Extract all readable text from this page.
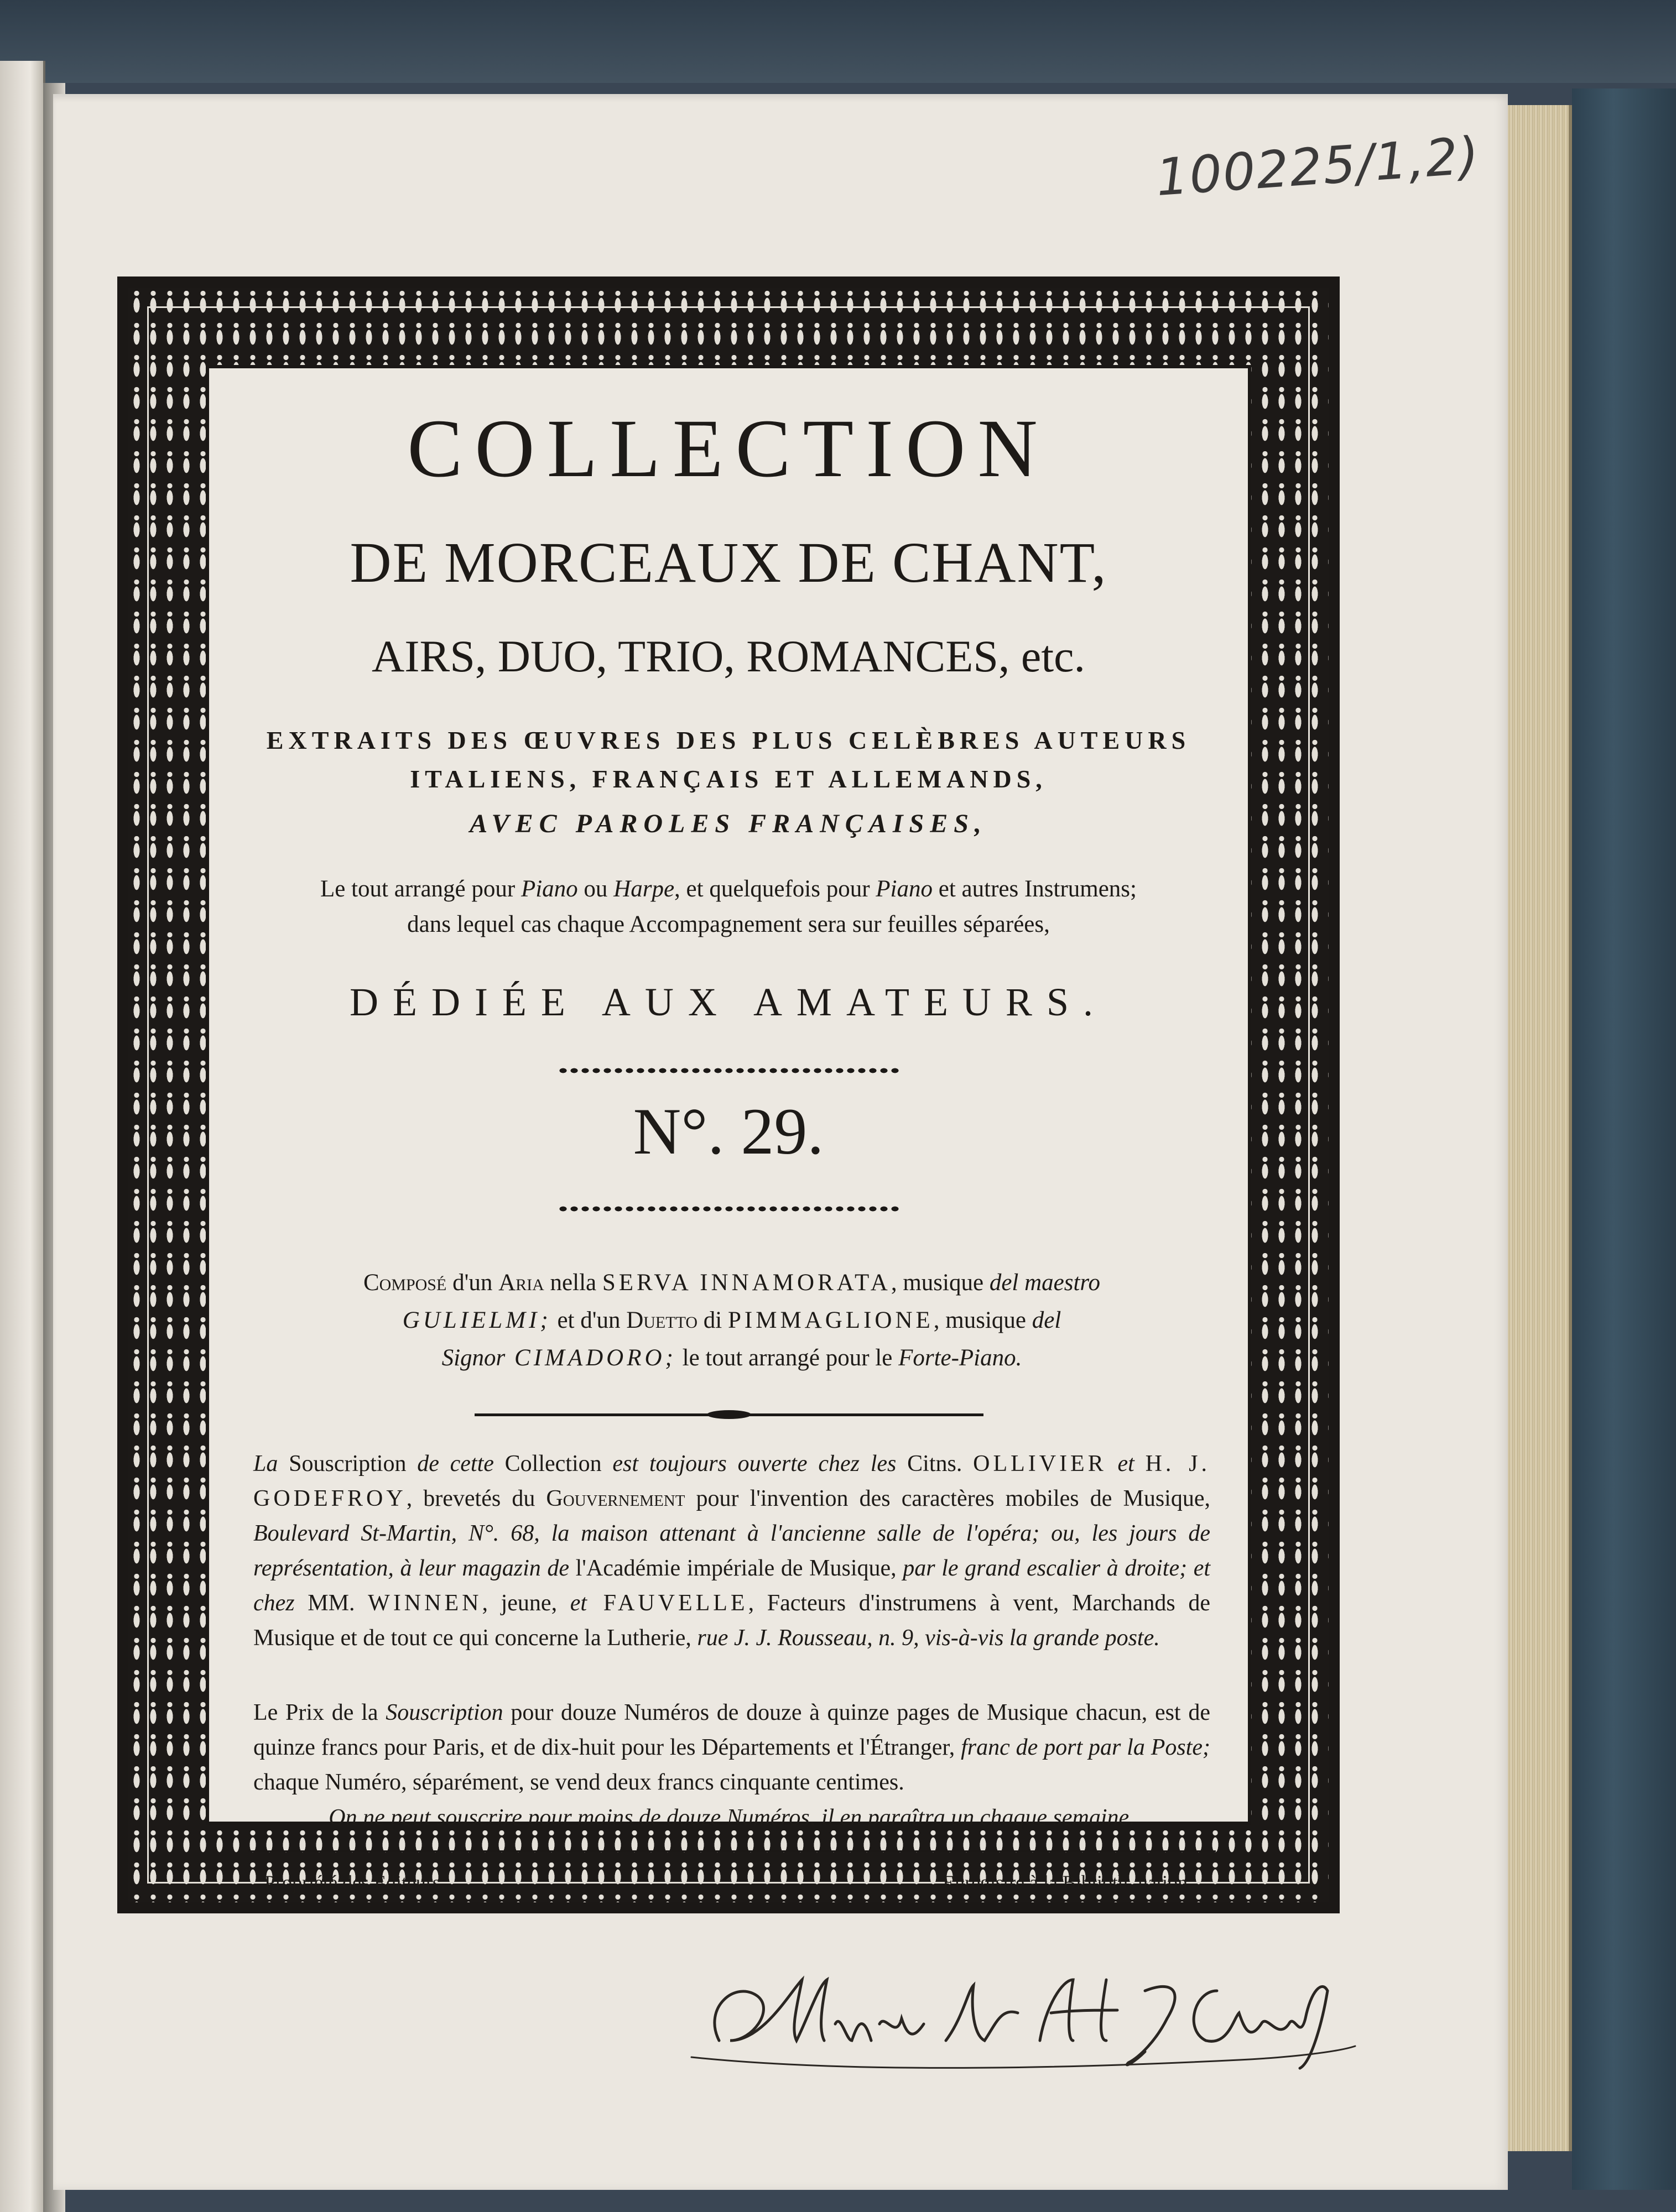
100225/1,2)
COLLECTION
DE MORCEAUX DE CHANT,
AIRS, DUO, TRIO, ROMANCES, etc.
EXTRAITS DES ŒUVRES DES PLUS CELÈBRES AUTEURS
ITALIENS, FRANÇAIS ET ALLEMANDS,
AVEC PAROLES FRANÇAISES,
Le tout arrangé pour Piano ou Harpe, et quelquefois pour Piano et autres Instrumens;
dans lequel cas chaque Accompagnement sera sur feuilles séparées,
DÉDIÉE AUX AMATEURS.
N°. 29.
Composé d'un Aria nella SERVA INNAMORATA, musique del maestro
GULIELMI; et d'un Duetto di PIMMAGLIONE, musique del
Signor CIMADORO; le tout arrangé pour le Forte-Piano.
La Souscription de cette Collection est toujours ouverte chez les Citns. OLLIVIER et H. J. GODEFROY, brevetés du Gouvernement pour l'invention des caractères mobiles de Musique, Boulevard St-Martin, N°. 68, la maison attenant à l'ancienne salle de l'opéra; ou, les jours de représentation, à leur magazin de l'Académie impériale de Musique, par le grand escalier à droite; et chez MM. WINNEN, jeune, et FAUVELLE, Facteurs d'instrumens à vent, Marchands de Musique et de tout ce qui concerne la Lutherie, rue J. J. Rousseau, n. 9, vis-à-vis la grande poste.
Le Prix de la Souscription pour douze Numéros de douze à quinze pages de Musique chacun, est de quinze francs pour Paris, et de dix-huit pour les Départements et l'Étranger, franc de port par la Poste; chaque Numéro, séparément, se vend deux francs cinquante centimes.
On ne peut souscrire pour moins de douze Numéros, il en paraîtra un chaque semaine.
Propriété des Éditeurs.	Enregistré à la Biblioth. nation.
